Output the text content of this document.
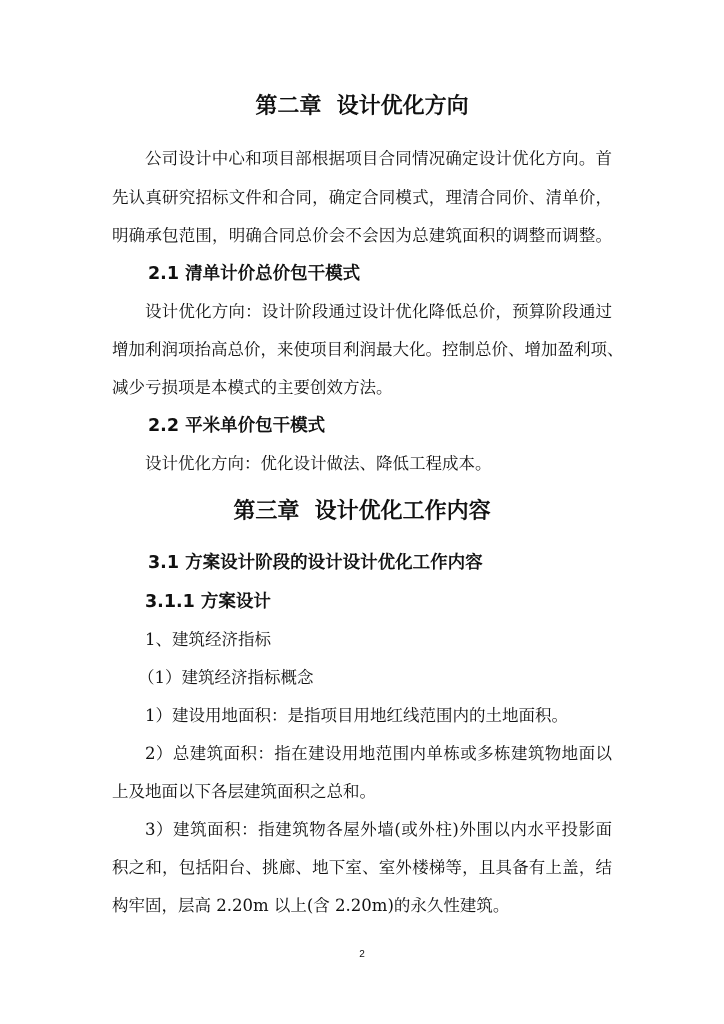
第二章  设计优化方向
公司设计中心和项目部根据项目合同情况确定设计优化方向。首
先认真研究招标文件和合同，确定合同模式，理清合同价、清单价，
明确承包范围，明确合同总价会不会因为总建筑面积的调整而调整。
2.1 清单计价总价包干模式
设计优化方向：设计阶段通过设计优化降低总价，预算阶段通过
增加利润项抬高总价，来使项目利润最大化。控制总价、增加盈利项、
减少亏损项是本模式的主要创效方法。
2.2 平米单价包干模式
设计优化方向：优化设计做法、降低工程成本。
第三章  设计优化工作内容
3.1 方案设计阶段的设计设计优化工作内容
3.1.1 方案设计
1、建筑经济指标
（1）建筑经济指标概念
1）建设用地面积：是指项目用地红线范围内的土地面积。
2）总建筑面积：指在建设用地范围内单栋或多栋建筑物地面以
上及地面以下各层建筑面积之总和。
3）建筑面积：指建筑物各屋外墙(或外柱)外围以内水平投影面
积之和，包括阳台、挑廊、地下室、室外楼梯等，且具备有上盖，结
构牢固，层高 2.20m 以上(含 2.20m)的永久性建筑。
2
